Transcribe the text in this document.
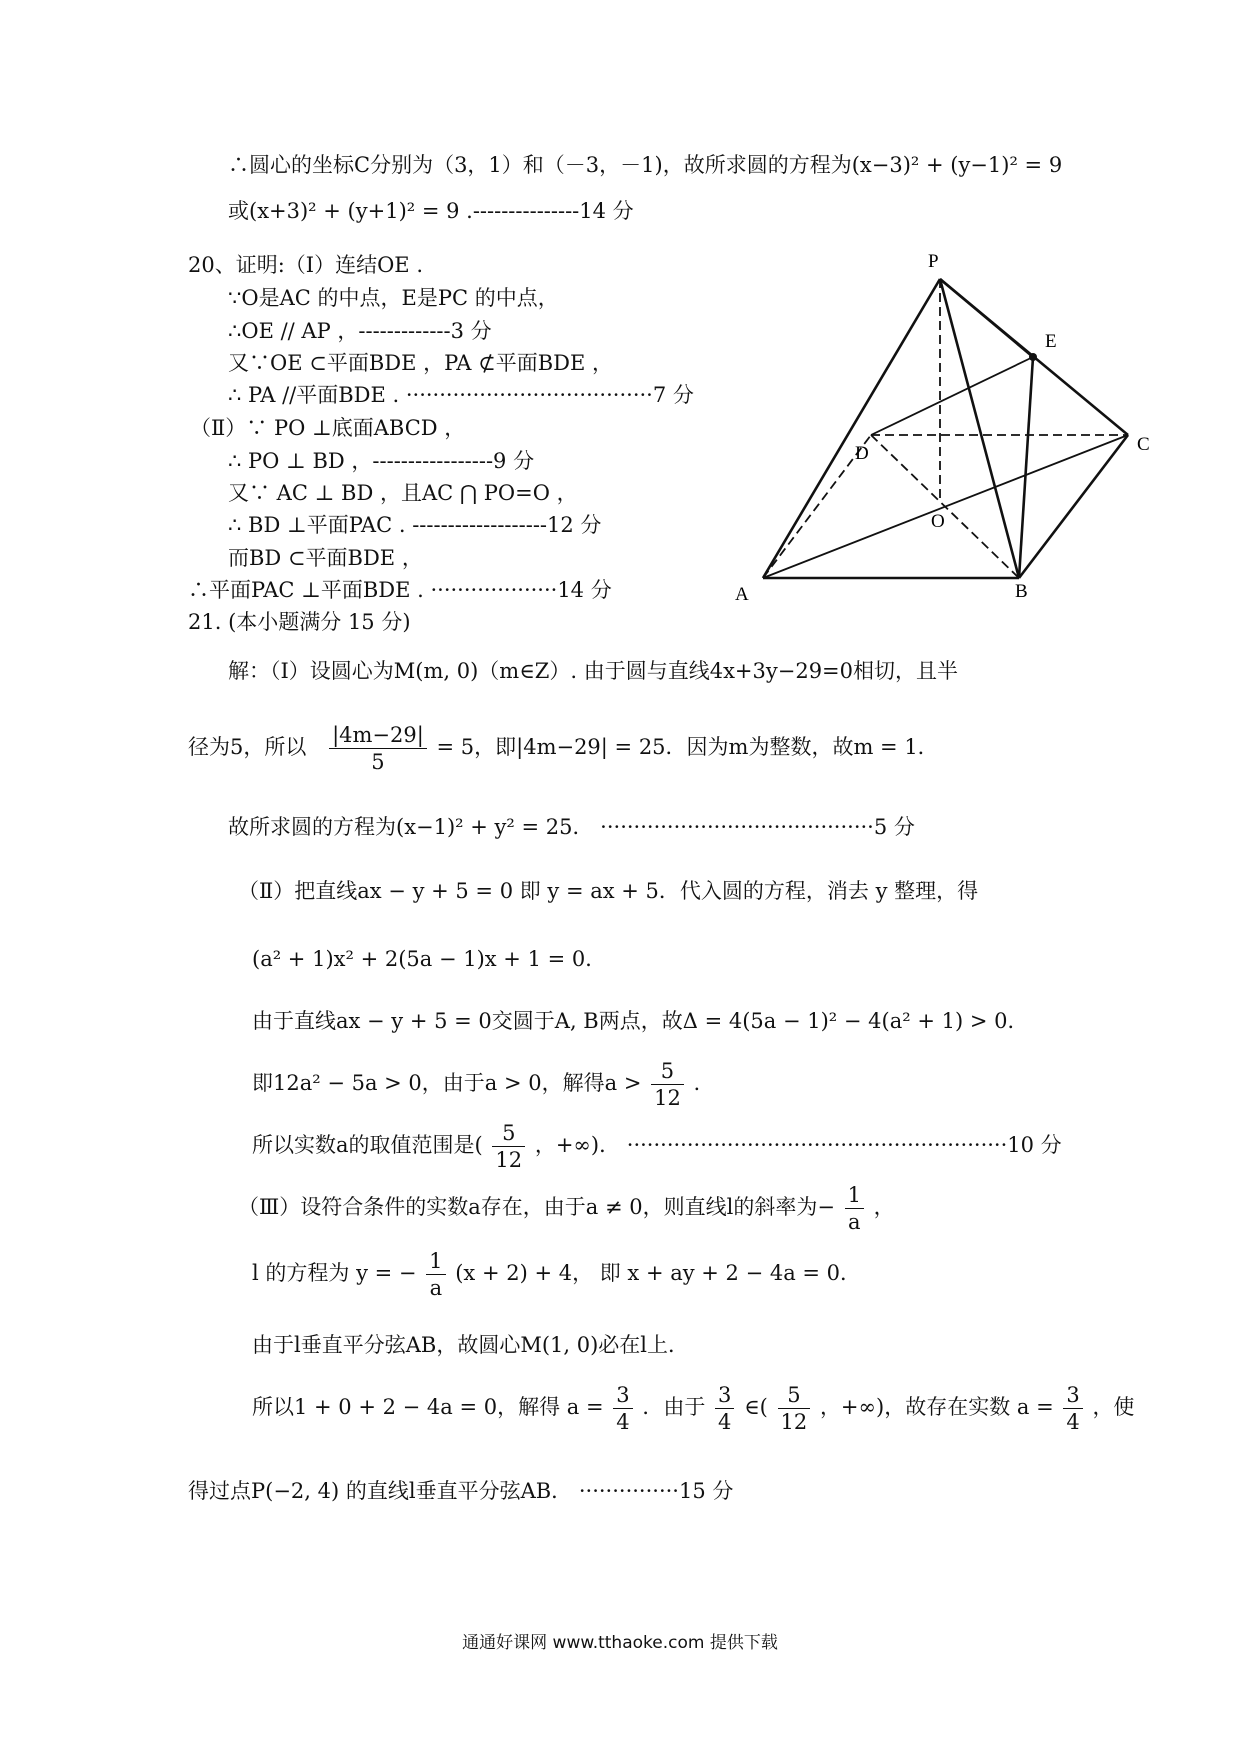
∴圆心的坐标C分别为（3，1）和（－3，－1)，故所求圆的方程为(x−3)² + (y−1)² = 9
或(x+3)² + (y+1)² = 9 .---------------14 分
20、证明:（Ⅰ）连结OE .
∵O是AC 的中点，E是PC 的中点，
∴OE // AP ，-------------3 分
又∵OE ⊂平面BDE ，PA ⊄平面BDE ，
∴ PA //平面BDE . ·····································7 分
（Ⅱ）∵ PO ⊥底面ABCD ，
∴ PO ⊥ BD ，-----------------9 分
又∵ AC ⊥ BD ，且AC ⋂ PO=O ，
∴ BD ⊥平面PAC . -------------------12 分
而BD ⊂平面BDE ，
∴平面PAC ⊥平面BDE . ···················14 分
P
E
D	C
O
A	B
21. (本小题满分 15 分)
解：（Ⅰ）设圆心为M(m, 0)（m∈Z）. 由于圆与直线4x+3y−29=0相切，且半
径为5，所以 $\frac{|4m-29|}{5} = 5$，即|4m−29| = 25．因为m为整数，故m = 1．
故所求圆的方程为(x−1)² + y² = 25． ·········································5 分
（Ⅱ）把直线ax − y + 5 = 0 即 y = ax + 5．代入圆的方程，消去 y 整理，得
(a² + 1)x² + 2(5a − 1)x + 1 = 0．
由于直线ax − y + 5 = 0交圆于A, B两点，故Δ = 4(5a − 1)² − 4(a² + 1) > 0．
即12a² − 5a > 0，由于a > 0，解得$a > \frac{5}{12}$ .
所以实数a的取值范围是( $\frac{5}{12}$ ，+∞)． ·························································10 分
（Ⅲ）设符合条件的实数a存在，由于a ≠ 0，则直线l的斜率为− $\frac{1}{a}$ ，
l 的方程为 y = − $\frac{1}{a} (x + 2) + 4$， 即 x + ay + 2 − 4a = 0．
由于l垂直平分弦AB，故圆心M(1, 0)必在l上．
所以1 + 0 + 2 − 4a = 0，解得 $a = \frac{3}{4}$ ．由于 $\frac{3}{4}$ ∈( $\frac{5}{12}$ ，+∞)，故存在实数 $a = \frac{3}{4}$ ，使
得过点P(−2, 4) 的直线l垂直平分弦AB． ···············15 分
通通好课网 www.tthaoke.com 提供下载
